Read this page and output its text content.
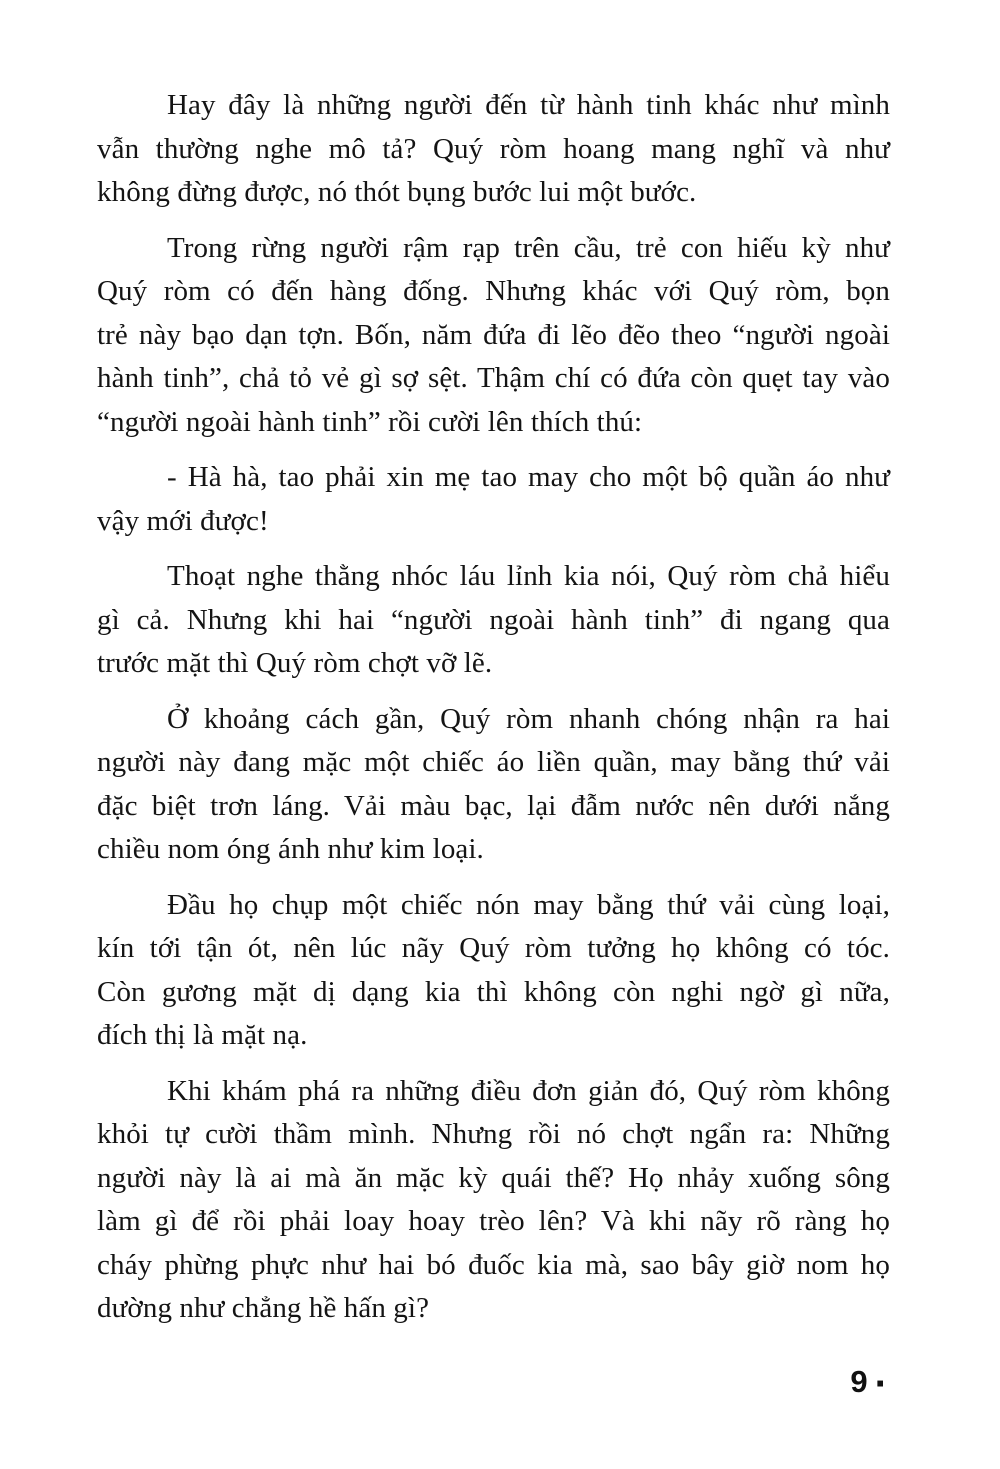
Hay đây là những người đến từ hành tinh khác như mình
vẫn thường nghe mô tả? Quý ròm hoang mang nghĩ và như
không đừng được, nó thót bụng bước lui một bước.
Trong rừng người rậm rạp trên cầu, trẻ con hiếu kỳ như
Quý ròm có đến hàng đống. Nhưng khác với Quý ròm, bọn
trẻ này bạo dạn tợn. Bốn, năm đứa đi lẽo đẽo theo “người ngoài
hành tinh”, chả tỏ vẻ gì sợ sệt. Thậm chí có đứa còn quẹt tay vào
“người ngoài hành tinh” rồi cười lên thích thú:
- Hà hà, tao phải xin mẹ tao may cho một bộ quần áo như
vậy mới được!
Thoạt nghe thằng nhóc láu lỉnh kia nói, Quý ròm chả hiểu
gì cả. Nhưng khi hai “người ngoài hành tinh” đi ngang qua
trước mặt thì Quý ròm chợt vỡ lẽ.
Ở khoảng cách gần, Quý ròm nhanh chóng nhận ra hai
người này đang mặc một chiếc áo liền quần, may bằng thứ vải
đặc biệt trơn láng. Vải màu bạc, lại đẫm nước nên dưới nắng
chiều nom óng ánh như kim loại.
Đầu họ chụp một chiếc nón may bằng thứ vải cùng loại,
kín tới tận ót, nên lúc nãy Quý ròm tưởng họ không có tóc.
Còn gương mặt dị dạng kia thì không còn nghi ngờ gì nữa,
đích thị là mặt nạ.
Khi khám phá ra những điều đơn giản đó, Quý ròm không
khỏi tự cười thầm mình. Nhưng rồi nó chợt ngẩn ra: Những
người này là ai mà ăn mặc kỳ quái thế? Họ nhảy xuống sông
làm gì để rồi phải loay hoay trèo lên? Và khi nãy rõ ràng họ
cháy phừng phực như hai bó đuốc kia mà, sao bây giờ nom họ
dường như chẳng hề hấn gì?
9 ·
